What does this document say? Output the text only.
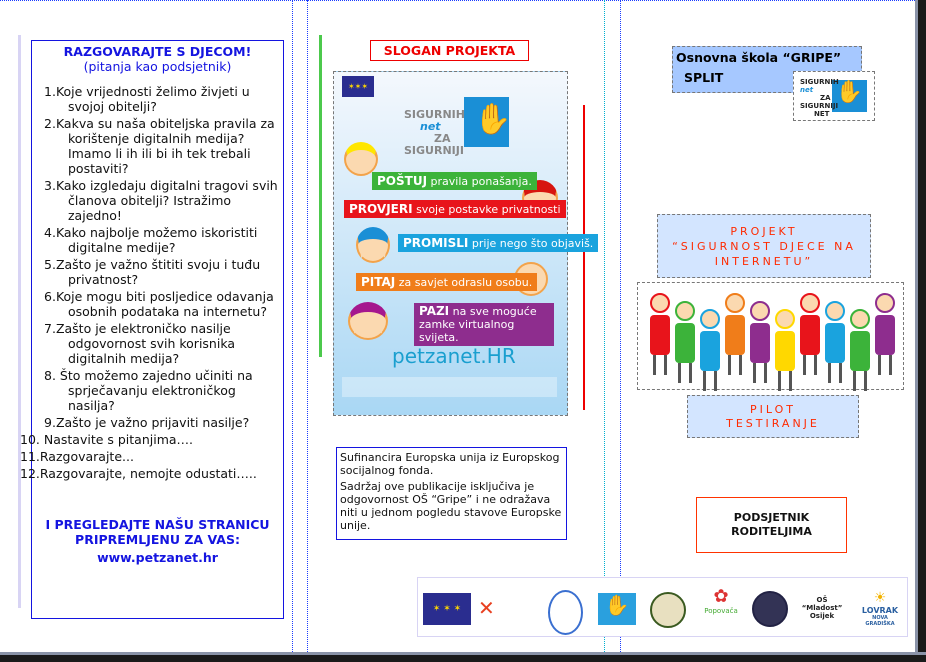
RAZGOVARAJTE S DJECOM!
(pitanja kao podsjetnik)
1.Koje vrijednosti želimo živjeti u svojoj obitelji?
2.Kakva su naša obiteljska pravila za korištenje digitalnih medija? Imamo li ih ili bi ih tek trebali postaviti?
3.Kako izgledaju digitalni tragovi svih članova obitelji? Istražimo zajedno!
4.Kako najbolje možemo iskoristiti digitalne medije?
5.Zašto je važno štititi svoju i tuđu privatnost?
6.Koje mogu biti posljedice odavanja osobnih podataka na internetu?
7.Zašto je elektroničko nasilje odgovornost svih korisnika digitalnih medija?
8. Što možemo zajedno učiniti na sprječavanju elektroničkog nasilja?
9.Zašto je važno prijaviti nasilje?
10. Nastavite s pitanjima….
11.Razgovarajte...
12.Razgovarajte, nemojte odustati…..
I PREGLEDAJTE NAŠU STRANICU
PRIPREMLJENU ZA VAS:
www.petzanet.hr
SLOGAN PROJEKTA
✶✶✶
✋
SIGURNIH
net
ZA
SIGURNIJI
POŠTUJ pravila ponašanja.
PROVJERI svoje postavke privatnosti
PROMISLI prije nego što objaviš.
PITAJ za savjet odraslu osobu.
PAZI na sve moguće zamke virtualnog svijeta.
petzanet.HR
Sufinancira Europska unija iz Europskog socijalnog fonda.
Sadržaj ove publikacije isključiva je odgovornost OŠ “Gripe” i ne odražava niti u jednom pogledu stavove Europske unije.
Osnovna škola “GRIPE”
SPLIT
✋
SIGURNIH
net
ZA
SIGURNIJI
NET
PROJEKT
“SIGURNOST DJECE NA INTERNETU”
PILOT
TESTIRANJE
PODSJETNIK
RODITELJIMA
✶ ✶ ✶ ✕	✋	✿
Popovača
OŠ “Mladost” Osijek
☀
LOVRAK
NOVA GRADIŠKA
